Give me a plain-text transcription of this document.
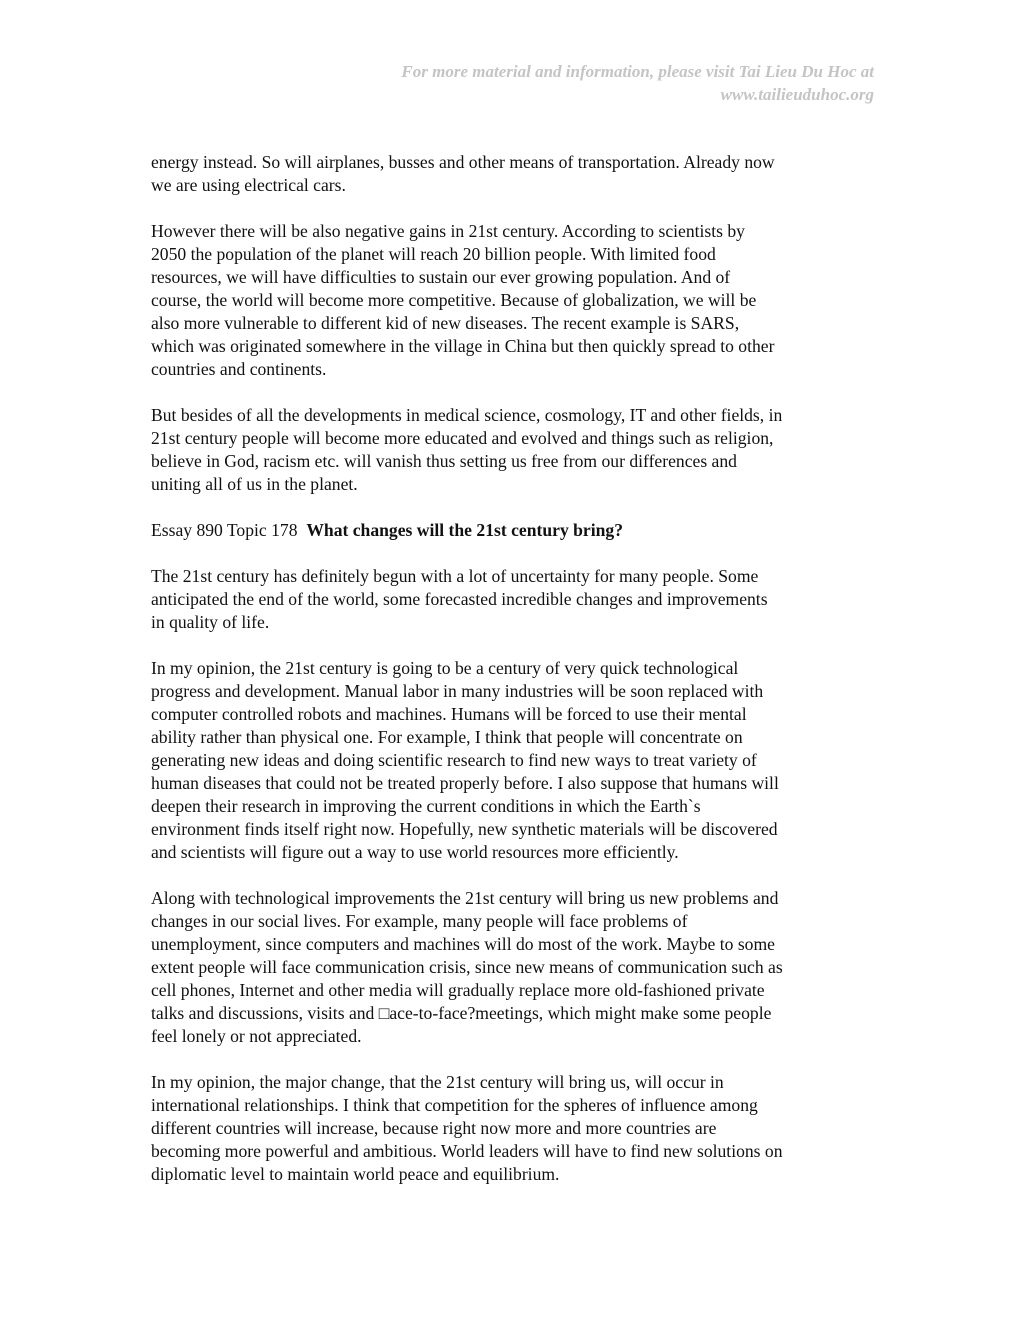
For more material and information, please visit Tai Lieu Du Hoc at
www.tailieuduhoc.org

energy instead. So will airplanes, busses and other means of transportation. Already now
we are using electrical cars.

However there will be also negative gains in 21st century. According to scientists by
2050 the population of the planet will reach 20 billion people. With limited food
resources, we will have difficulties to sustain our ever growing population. And of
course, the world will become more competitive. Because of globalization, we will be
also more vulnerable to different kid of new diseases. The recent example is SARS,
which was originated somewhere in the village in China but then quickly spread to other
countries and continents.

But besides of all the developments in medical science, cosmology, IT and other fields, in
21st century people will become more educated and evolved and things such as religion,
believe in God, racism etc. will vanish thus setting us free from our differences and
uniting all of us in the planet.

Essay 890 Topic 178 What changes will the 21st century bring?

The 21st century has definitely begun with a lot of uncertainty for many people. Some
anticipated the end of the world, some forecasted incredible changes and improvements
in quality of life.

In my opinion, the 21st century is going to be a century of very quick technological
progress and development. Manual labor in many industries will be soon replaced with
computer controlled robots and machines. Humans will be forced to use their mental
ability rather than physical one. For example, I think that people will concentrate on
generating new ideas and doing scientific research to find new ways to treat variety of
human diseases that could not be treated properly before. I also suppose that humans will
deepen their research in improving the current conditions in which the Earth`s
environment finds itself right now. Hopefully, new synthetic materials will be discovered
and scientists will figure out a way to use world resources more efficiently.

Along with technological improvements the 21st century will bring us new problems and
changes in our social lives. For example, many people will face problems of
unemployment, since computers and machines will do most of the work. Maybe to some
extent people will face communication crisis, since new means of communication such as
cell phones, Internet and other media will gradually replace more old-fashioned private
talks and discussions, visits and □ace-to-face?meetings, which might make some people
feel lonely or not appreciated.

In my opinion, the major change, that the 21st century will bring us, will occur in
international relationships. I think that competition for the spheres of influence among
different countries will increase, because right now more and more countries are
becoming more powerful and ambitious. World leaders will have to find new solutions on
diplomatic level to maintain world peace and equilibrium.
